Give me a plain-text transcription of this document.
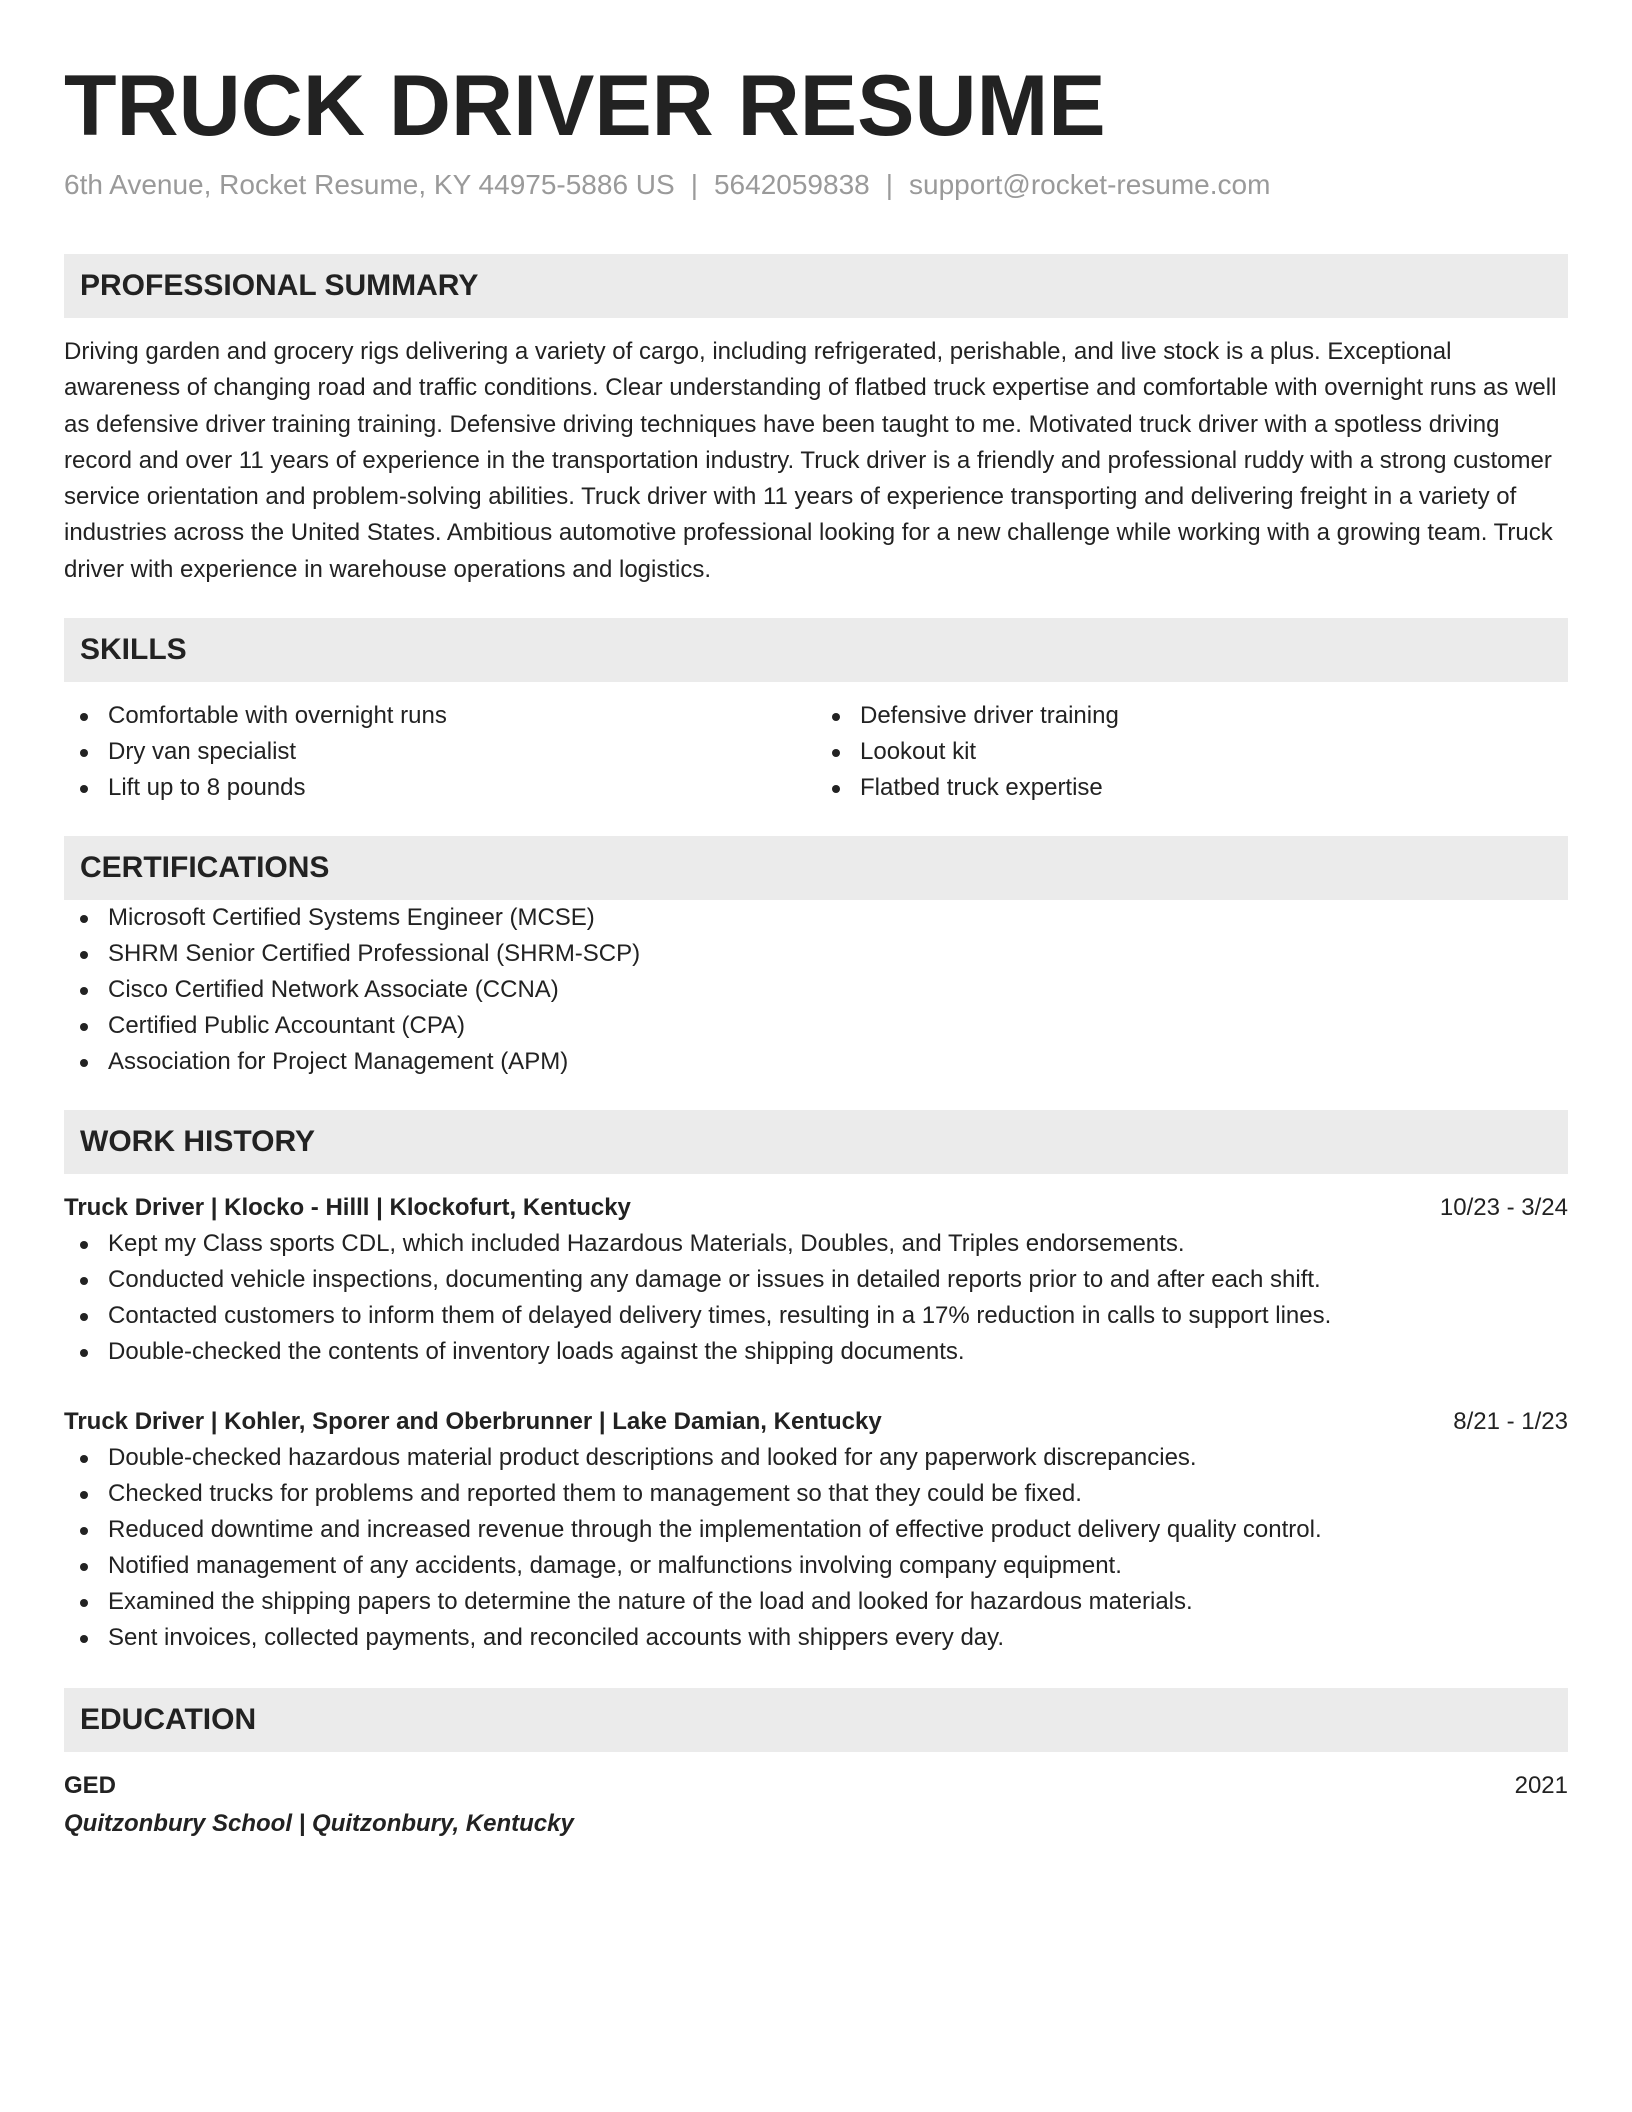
TRUCK DRIVER RESUME
6th Avenue, Rocket Resume, KY 44975-5886 US | 5642059838 | support@rocket-resume.com
PROFESSIONAL SUMMARY

Driving garden and grocery rigs delivering a variety of cargo, including refrigerated, perishable, and live stock is a plus. Exceptional awareness of changing road and traffic conditions. Clear understanding of flatbed truck expertise and comfortable with overnight runs as well as defensive driver training training. Defensive driving techniques have been taught to me. Motivated truck driver with a spotless driving record and over 11 years of experience in the transportation industry. Truck driver is a friendly and professional ruddy with a strong customer service orientation and problem-solving abilities. Truck driver with 11 years of experience transporting and delivering freight in a variety of industries across the United States. Ambitious automotive professional looking for a new challenge while working with a growing team. Truck driver with experience in warehouse operations and logistics.

SKILLS
Comfortable with overnight runs
Dry van specialist
Lift up to 8 pounds
Defensive driver training
Lookout kit
Flatbed truck expertise
CERTIFICATIONS
Microsoft Certified Systems Engineer (MCSE)
SHRM Senior Certified Professional (SHRM-SCP)
Cisco Certified Network Associate (CCNA)
Certified Public Accountant (CPA)
Association for Project Management (APM)
WORK HISTORY
Truck Driver | Klocko - Hilll | Klockofurt, Kentucky	10/23 - 3/24
Kept my Class sports CDL, which included Hazardous Materials, Doubles, and Triples endorsements.
Conducted vehicle inspections, documenting any damage or issues in detailed reports prior to and after each shift.
Contacted customers to inform them of delayed delivery times, resulting in a 17% reduction in calls to support lines.
Double-checked the contents of inventory loads against the shipping documents.
Truck Driver | Kohler, Sporer and Oberbrunner | Lake Damian, Kentucky	8/21 - 1/23
Double-checked hazardous material product descriptions and looked for any paperwork discrepancies.
Checked trucks for problems and reported them to management so that they could be fixed.
Reduced downtime and increased revenue through the implementation of effective product delivery quality control.
Notified management of any accidents, damage, or malfunctions involving company equipment.
Examined the shipping papers to determine the nature of the load and looked for hazardous materials.
Sent invoices, collected payments, and reconciled accounts with shippers every day.
EDUCATION
GED	2021
Quitzonbury School | Quitzonbury, Kentucky
